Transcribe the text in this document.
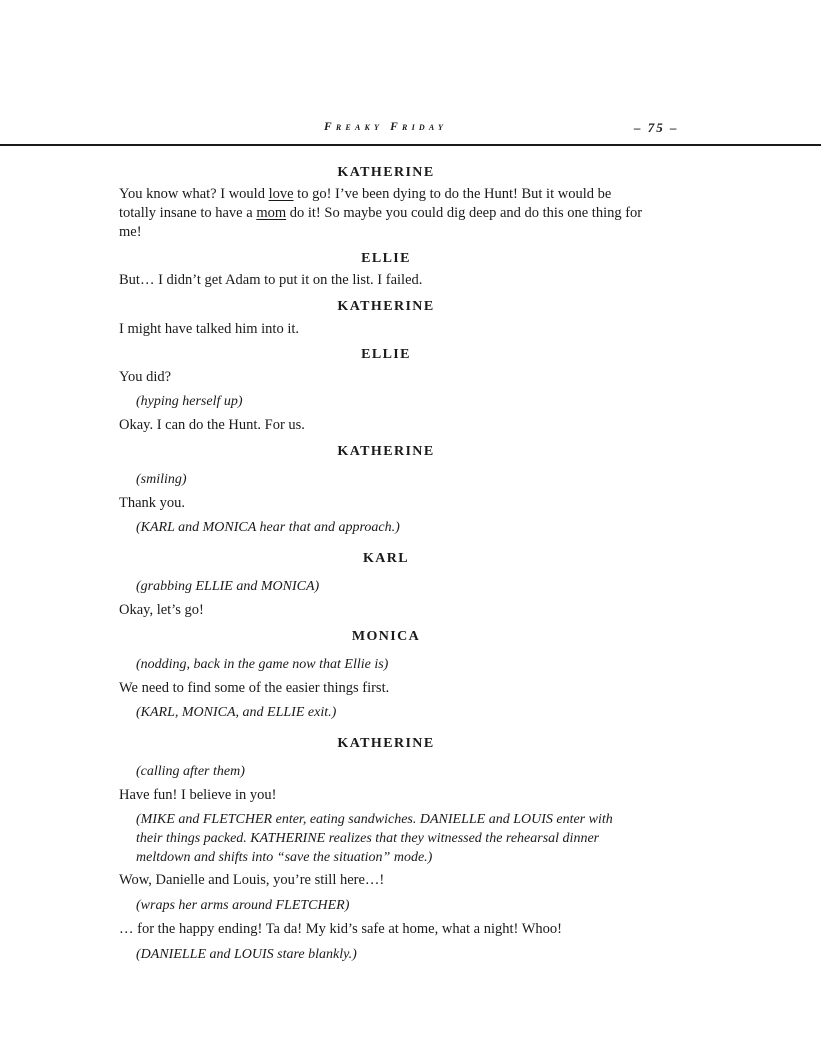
Freaky Friday	– 75 –
KATHERINE
You know what? I would love to go! I’ve been dying to do the Hunt! But it would be totally insane to have a mom do it! So maybe you could dig deep and do this one thing for me!
ELLIE
But… I didn’t get Adam to put it on the list. I failed.
KATHERINE
I might have talked him into it.
ELLIE
You did?
(hyping herself up)
Okay. I can do the Hunt. For us.
KATHERINE
(smiling)
Thank you.
(KARL and MONICA hear that and approach.)
KARL
(grabbing ELLIE and MONICA)
Okay, let’s go!
MONICA
(nodding, back in the game now that Ellie is)
We need to find some of the easier things first.
(KARL, MONICA, and ELLIE exit.)
KATHERINE
(calling after them)
Have fun! I believe in you!
(MIKE and FLETCHER enter, eating sandwiches. DANIELLE and LOUIS enter with their things packed. KATHERINE realizes that they witnessed the rehearsal dinner meltdown and shifts into “save the situation” mode.)
Wow, Danielle and Louis, you’re still here…!
(wraps her arms around FLETCHER)
… for the happy ending! Ta da! My kid’s safe at home, what a night! Whoo!
(DANIELLE and LOUIS stare blankly.)
